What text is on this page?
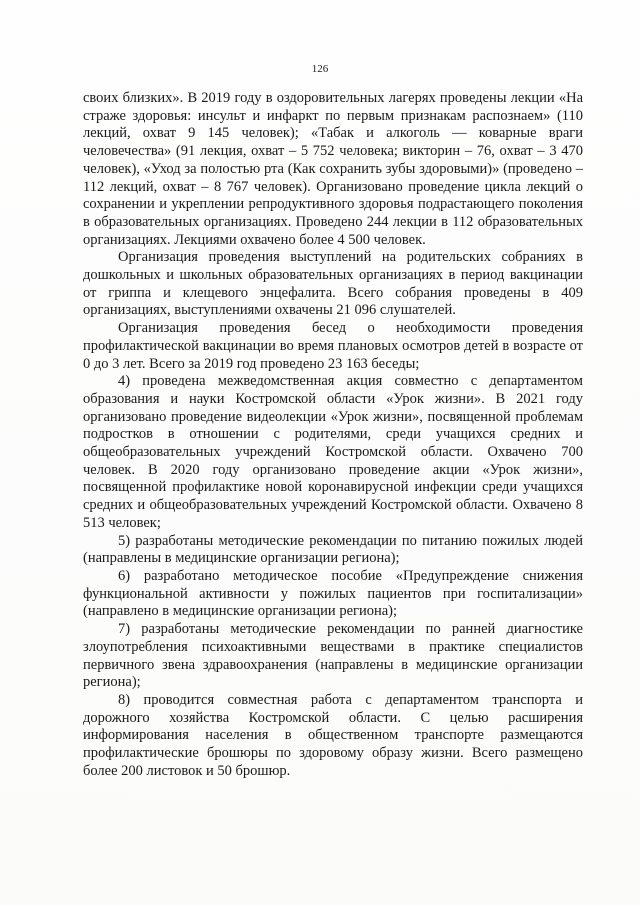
126

своих близких». В 2019 году в оздоровительных лагерях проведены лекции «На страже здоровья: инсульт и инфаркт по первым признакам распознаем» (110 лекций, охват 9 145 человек); «Табак и алкоголь — коварные враги человечества» (91 лекция, охват – 5 752 человека; викторин – 76, охват – 3 470 человек), «Уход за полостью рта (Как сохранить зубы здоровыми)» (проведено – 112 лекций, охват – 8 767 человек). Организовано проведение цикла лекций о сохранении и укреплении репродуктивного здоровья подрастающего поколения в образовательных организациях. Проведено 244 лекции в 112 образовательных организациях. Лекциями охвачено более 4 500 человек.

Организация проведения выступлений на родительских собраниях в дошкольных и школьных образовательных организациях в период вакцинации от гриппа и клещевого энцефалита. Всего собрания проведены в 409 организациях, выступлениями охвачены 21 096 слушателей.

Организация проведения бесед о необходимости проведения профилактической вакцинации во время плановых осмотров детей в возрасте от 0 до 3 лет. Всего за 2019 год проведено 23 163 беседы;

4) проведена межведомственная акция совместно с департаментом образования и науки Костромской области «Урок жизни». В 2021 году организовано проведение видеолекции «Урок жизни», посвященной проблемам подростков в отношении с родителями, среди учащихся средних и общеобразовательных учреждений Костромской области. Охвачено 700 человек. В 2020 году организовано проведение акции «Урок жизни», посвященной профилактике новой коронавирусной инфекции среди учащихся средних и общеобразовательных учреждений Костромской области. Охвачено 8 513 человек;

5) разработаны методические рекомендации по питанию пожилых людей (направлены в медицинские организации региона);

6) разработано методическое пособие «Предупреждение снижения функциональной активности у пожилых пациентов при госпитализации» (направлено в медицинские организации региона);

7) разработаны методические рекомендации по ранней диагностике злоупотребления психоактивными веществами в практике специалистов первичного звена здравоохранения (направлены в медицинские организации региона);

8) проводится совместная работа с департаментом транспорта и дорожного хозяйства Костромской области. С целью расширения информирования населения в общественном транспорте размещаются профилактические брошюры по здоровому образу жизни. Всего размещено более 200 листовок и 50 брошюр.
